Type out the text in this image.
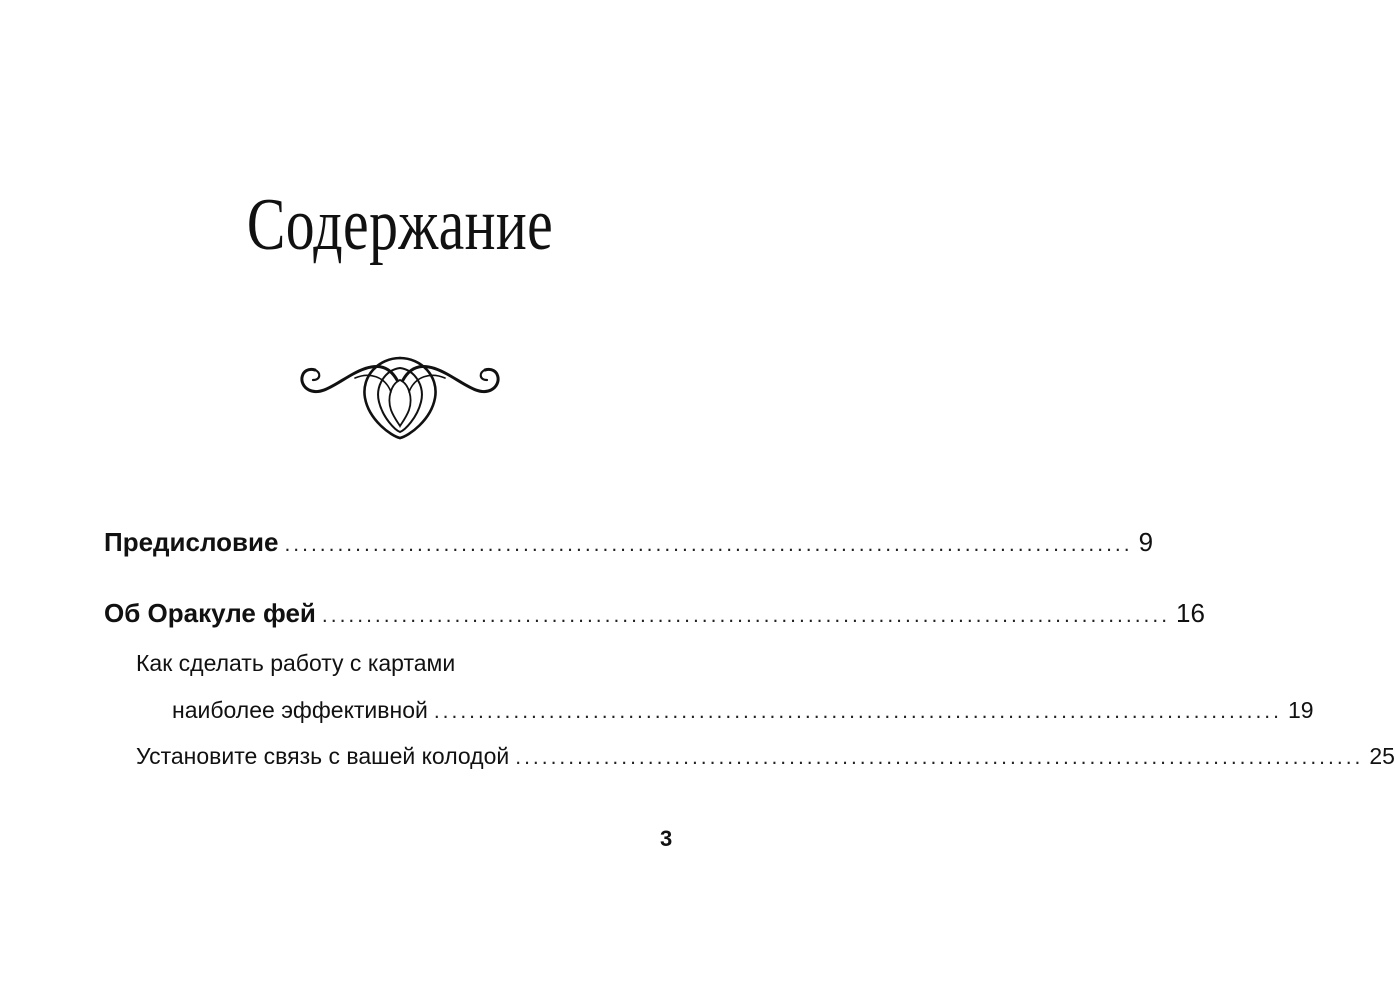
Содержание
Предисловие ................................................................................................ 9
Об Оракуле фей ................................................................................................ 16
Как сделать работу с картами
наиболее эффективной ................................................................................................ 19
Установите связь с вашей колодой ................................................................................................ 25
3
